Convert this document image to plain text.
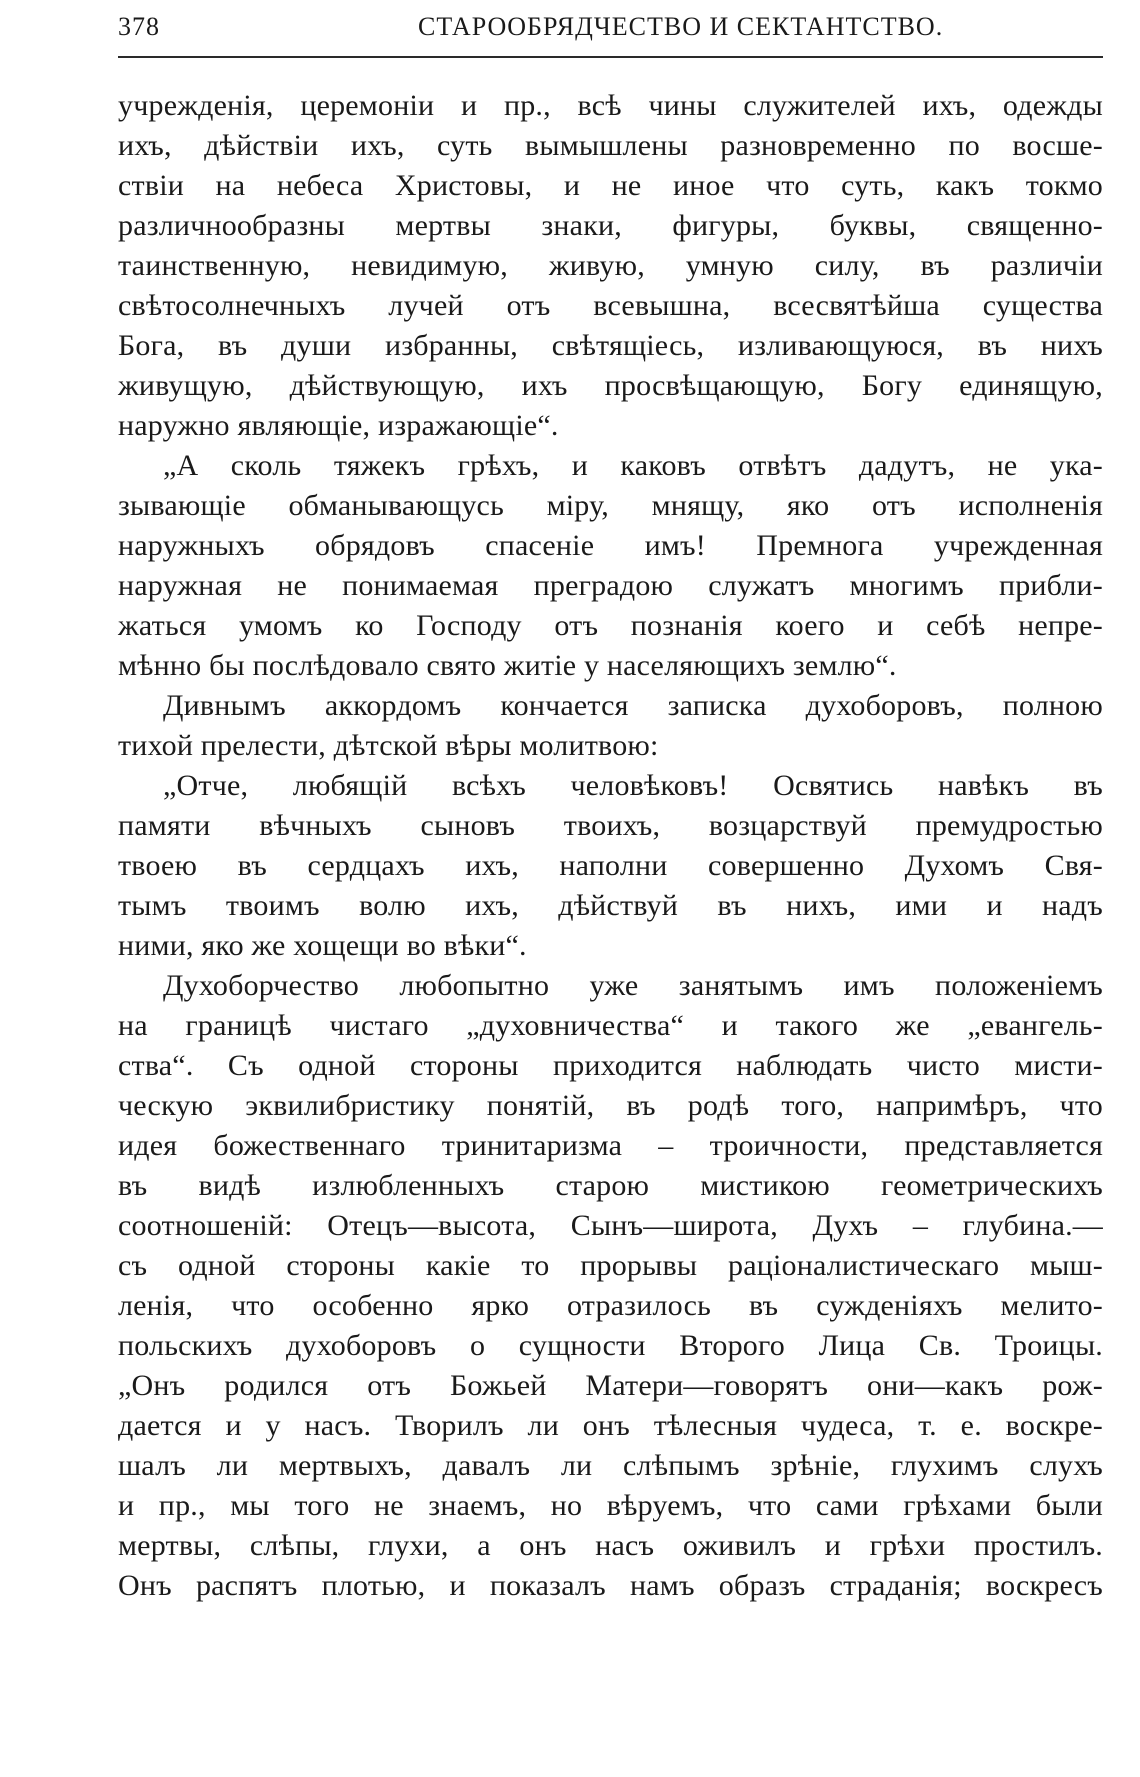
378	СТАРООБРЯДЧЕСТВО И СЕКТАНТСТВО.
учрежденія, церемоніи и пр., всѣ чины служителей ихъ, одежды
ихъ, дѣйствіи ихъ, суть вымышлены разновременно по восше-
ствіи на небеса Христовы, и не иное что суть, какъ токмо
различнообразны мертвы знаки, фигуры, буквы, священно-
таинственную, невидимую, живую, умную силу, въ различіи
свѣтосолнечныхъ лучей отъ всевышна, всесвятѣйша существа
Бога, въ души избранны, свѣтящіесь, изливающуюся, въ нихъ
живущую, дѣйствующую, ихъ просвѣщающую, Богу единящую,
наружно являющіе, изражающіе“.
„А сколь тяжекъ грѣхъ, и каковъ отвѣтъ дадутъ, не ука-
зывающіе обманывающусь міру, мнящу, яко отъ исполненія
наружныхъ обрядовъ спасеніе имъ! Премнога учрежденная
наружная не понимаемая преградою служатъ многимъ прибли-
жаться умомъ ко Господу отъ познанія коего и себѣ непре-
мѣнно бы послѣдовало свято житіе у населяющихъ землю“.
Дивнымъ аккордомъ кончается записка духоборовъ, полною
тихой прелести, дѣтской вѣры молитвою:
„Отче, любящій всѣхъ человѣковъ! Освятись навѣкъ въ
памяти вѣчныхъ сыновъ твоихъ, возцарствуй премудростью
твоею въ сердцахъ ихъ, наполни совершенно Духомъ Свя-
тымъ твоимъ волю ихъ, дѣйствуй въ нихъ, ими и надъ
ними, яко же хощещи во вѣки“.
Духоборчество любопытно уже занятымъ имъ положеніемъ
на границѣ чистаго „духовничества“ и такого же „евангель-
ства“. Съ одной стороны приходится наблюдать чисто мисти-
ческую эквилибристику понятій, въ родѣ того, напримѣръ, что
идея божественнаго тринитаризма – троичности, представляется
въ видѣ излюбленныхъ старою мистикою геометрическихъ
соотношеній: Отецъ—высота, Сынъ—широта, Духъ – глубина.—
съ одной стороны какіе то прорывы раціоналистическаго мыш-
ленія, что особенно ярко отразилось въ сужденіяхъ мелито-
польскихъ духоборовъ о сущности Второго Лица Св. Троицы.
„Онъ родился отъ Божьей Матери—говорятъ они—какъ рож-
дается и у насъ. Творилъ ли онъ тѣлесныя чудеса, т. е. воскре-
шалъ ли мертвыхъ, давалъ ли слѣпымъ зрѣніе, глухимъ слухъ
и пр., мы того не знаемъ, но вѣруемъ, что сами грѣхами были
мертвы, слѣпы, глухи, а онъ насъ оживилъ и грѣхи простилъ.
Онъ распятъ плотью, и показалъ намъ образъ страданія; воскресъ
